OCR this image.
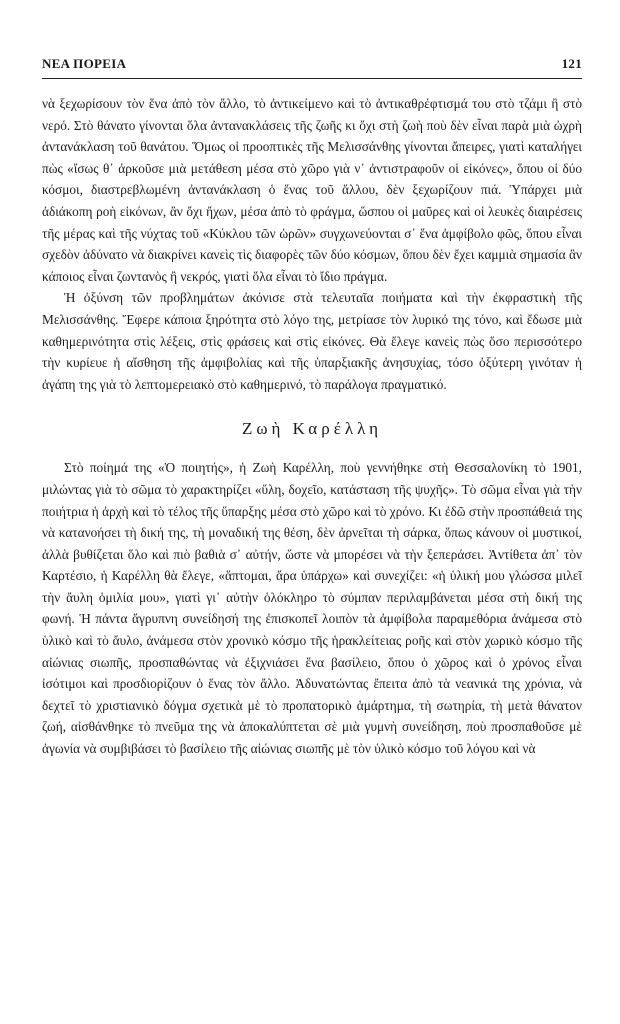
ΝΕΑ ΠΟΡΕΙΑ	121

νὰ ξεχωρίσουν τὸν ἕνα ἀπὸ τὸν ἄλλο, τὸ ἀντικείμενο καὶ τὸ ἀντικαθρέφτισμά του στὸ τζάμι ἢ στὸ νερό. Στὸ θάνατο γίνονται ὅλα ἀντανακλάσεις τῆς ζωῆς κι ὄχι στὴ ζωὴ ποὺ δὲν εἶναι παρὰ μιὰ ὠχρὴ ἀντανάκλαση τοῦ θανάτου. Ὅμως οἱ προοπτικὲς τῆς Μελισσάνθης γίνονται ἄπειρες, γιατὶ καταλήγει πὼς «ἴσως θ᾽ ἀρκοῦσε μιὰ μετάθεση μέσα στὸ χῶρο γιὰ ν᾽ ἀντιστραφοῦν οἱ εἰκόνες», ὅπου οἱ δύο κόσμοι, διαστρεβλωμένη ἀντανάκλαση ὁ ἕνας τοῦ ἄλλου, δὲν ξεχωρίζουν πιά. Ὑπάρχει μιὰ ἀδιάκοπη ροὴ εἰκόνων, ἂν ὄχι ἤχων, μέσα ἀπὸ τὸ φράγμα, ὥσπου οἱ μαῦρες καὶ οἱ λευκὲς διαιρέσεις τῆς μέρας καὶ τῆς νύχτας τοῦ «Κύκλου τῶν ὡρῶν» συγχωνεύονται σ᾽ ἕνα ἀμφίβολο φῶς, ὅπου εἶναι σχεδὸν ἀδύνατο νὰ διακρίνει κανεὶς τὶς διαφορὲς τῶν δύο κόσμων, ὅπου δὲν ἔχει καμμιὰ σημασία ἂν κάποιος εἶναι ζωντανὸς ἢ νεκρός, γιατὶ ὅλα εἶναι τὸ ἴδιο πράγμα.

Ἡ ὀξύνση τῶν προβλημάτων ἀκόνισε στὰ τελευταῖα ποιήματα καὶ τὴν ἐκφραστικὴ τῆς Μελισσάνθης. Ἔφερε κάποια ξηρότητα στὸ λόγο της, μετρίασε τὸν λυρικό της τόνο, καὶ ἔδωσε μιὰ καθημερινότητα στὶς λέξεις, στὶς φράσεις καὶ στὶς εἰκόνες. Θὰ ἔλεγε κανεὶς πὼς ὅσο περισσότερο τὴν κυρίευε ἡ αἴσθηση τῆς ἀμφιβολίας καὶ τῆς ὑπαρξιακῆς ἀνησυχίας, τόσο ὀξύτερη γινόταν ἡ ἀγάπη της γιὰ τὸ λεπτομερειακὸ στὸ καθημερινό, τὸ παράλογα πραγματικό.

Ζωὴ Καρέλλη

Στὸ ποίημά της «Ὁ ποιητής», ἡ Ζωὴ Καρέλλη, ποὺ γεννήθηκε στὴ Θεσσαλονίκη τὸ 1901, μιλώντας γιὰ τὸ σῶμα τὸ χαρακτηρίζει «ὕλη, δοχεῖο, κατάσταση τῆς ψυχῆς». Τὸ σῶμα εἶναι γιὰ τὴν ποιήτρια ἡ ἀρχὴ καὶ τὸ τέλος τῆς ὕπαρξης μέσα στὸ χῶρο καὶ τὸ χρόνο. Κι ἐδῶ στὴν προσπάθειά της νὰ κατανοήσει τὴ δική της, τὴ μοναδική της θέση, δὲν ἀρνεῖται τὴ σάρκα, ὅπως κάνουν οἱ μυστικοί, ἀλλὰ βυθίζεται ὅλο καὶ πιὸ βαθιὰ σ᾽ αὐτήν, ὥστε νὰ μπορέσει νὰ τὴν ξεπεράσει. Ἀντίθετα ἀπ᾽ τὸν Καρτέσιο, ἡ Καρέλλη θὰ ἔλεγε, «ἅπτομαι, ἄρα ὑπάρχω» καὶ συνεχίζει: «ἡ ὑλική μου γλώσσα μιλεῖ τὴν ἄυλη ὁμιλία μου», γιατὶ γι᾽ αὐτὴν ὁλόκληρο τὸ σύμπαν περιλαμβάνεται μέσα στὴ δική της φωνή. Ἡ πάντα ἄγρυπνη συνείδησή της ἐπισκοπεῖ λοιπὸν τὰ ἀμφίβολα παραμεθόρια ἀνάμεσα στὸ ὑλικὸ καὶ τὸ ἄυλο, ἀνάμεσα στὸν χρονικὸ κόσμο τῆς ἡρακλείτειας ροῆς καὶ στὸν χωρικὸ κόσμο τῆς αἰώνιας σιωπῆς, προσπαθώντας νὰ ἐξιχνιάσει ἕνα βασίλειο, ὅπου ὁ χῶρος καὶ ὁ χρόνος εἶναι ἰσότιμοι καὶ προσδιορίζουν ὁ ἕνας τὸν ἄλλο. Ἀδυνατώντας ἔπειτα ἀπὸ τὰ νεανικά της χρόνια, νὰ δεχτεῖ τὸ χριστιανικὸ δόγμα σχετικὰ μὲ τὸ προπατορικὸ ἁμάρτημα, τὴ σωτηρία, τὴ μετὰ θάνατον ζωή, αἰσθάνθηκε τὸ πνεῦμα της νὰ ἀποκαλύπτεται σὲ μιὰ γυμνὴ συνείδηση, ποὺ προσπαθοῦσε μὲ ἀγωνία νὰ συμβιβάσει τὸ βασίλειο τῆς αἰώνιας σιωπῆς μὲ τὸν ὑλικὸ κόσμο τοῦ λόγου καὶ νὰ
